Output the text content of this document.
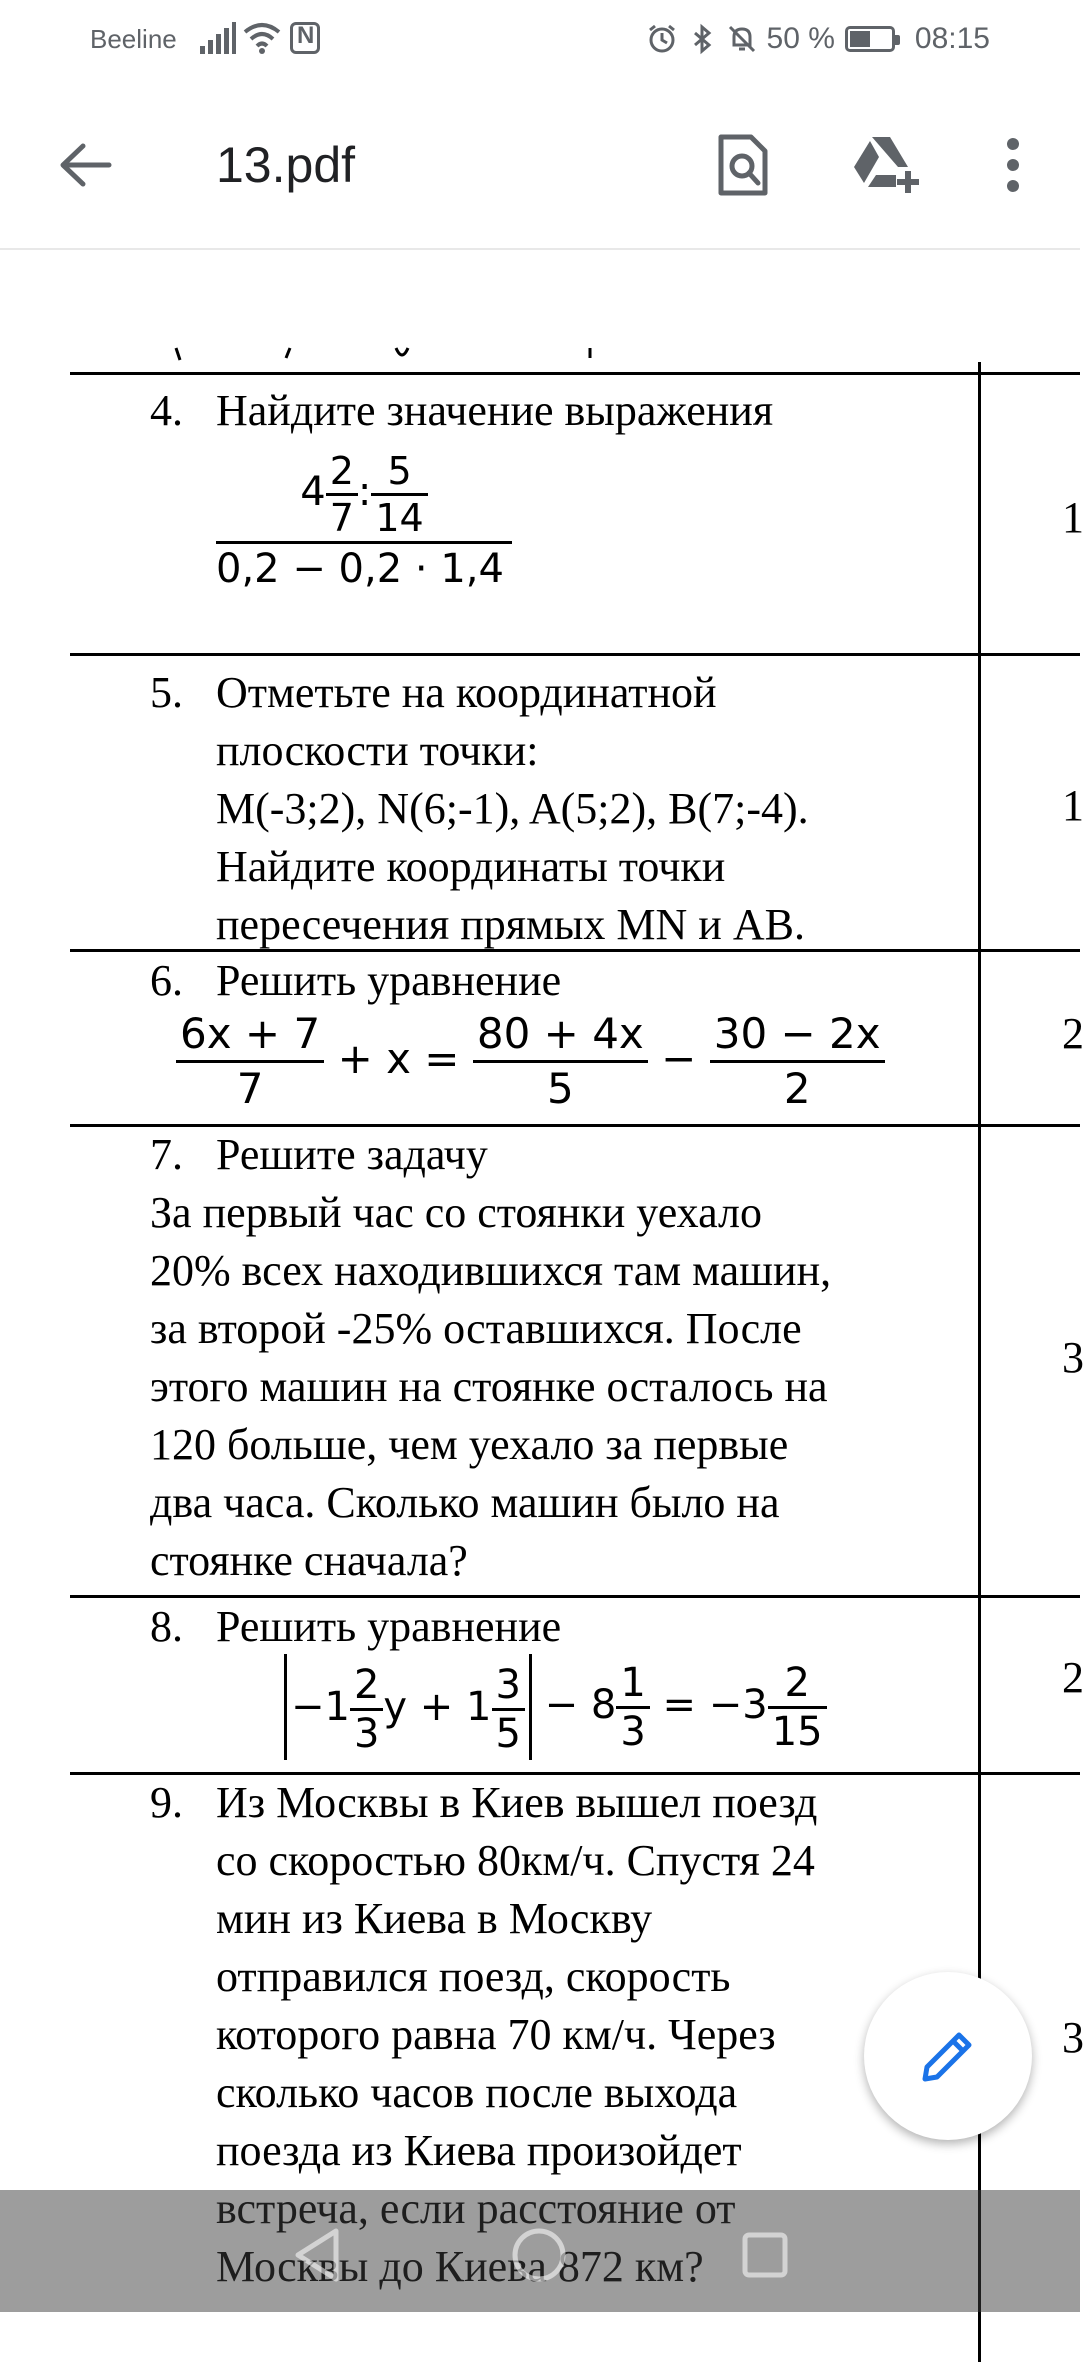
Beeline N	50 %	08:15
13.pdf
4. Найдите значение выражения
$\frac{4 \frac{2}{7} : \frac{5}{14}}{0,2 - 0,2 \cdot 1,4}$	1
5. Отметьте на координатной
плоскости точки:
M(-3;2), N(6;-1), A(5;2), B(7;-4).
Найдите координаты точки
пересечения прямых MN и AB.
1
6. Решить уравнение
$\frac{6x + 7}{7} + x = \frac{80 + 4x}{5} - \frac{30 - 2x}{2}$	2
7. Решите задачу
За первый час со стоянки уехало
20% всех находившихся там машин,
за второй -25% оставшихся. После
этого машин на стоянке осталось на
120 больше, чем уехало за первые
два часа. Сколько машин было на
стоянке сначала?
3
8. Решить уравнение
$-1 \frac{2}{3}$ $y + 1 \frac{3}{5} - 8 \frac{1}{3} = -3 \frac{2}{15}$	2
9. Из Москвы в Киев вышел поезд
со скоростью 80км/ч. Спустя 24
мин из Киева в Москву
отправился поезд, скорость
которого равна 70 км/ч. Через
сколько часов после выхода
поезда из Киева произойдет
3
